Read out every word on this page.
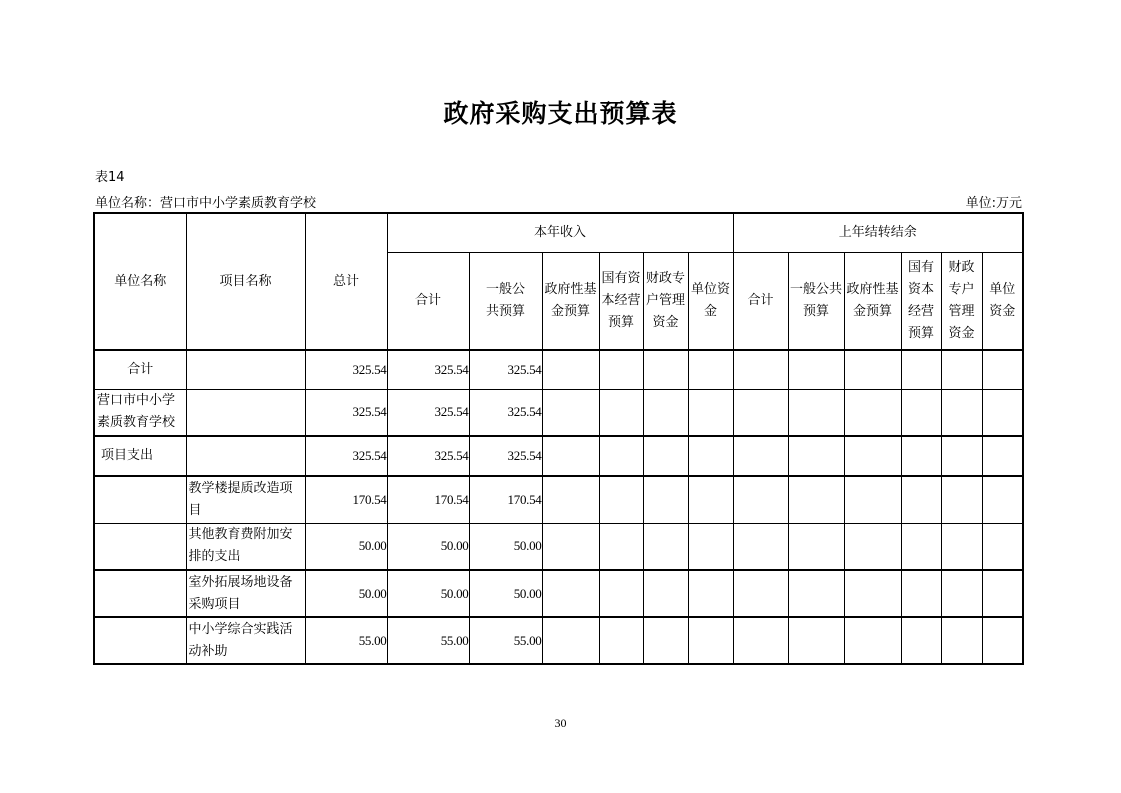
政府采购支出预算表
表14
单位名称：营口市中小学素质教育学校	单位:万元
单位名称	项目名称	总计	本年收入						上年结转结余					
			合计	一般公共预算	政府性基金预算	国有资本经营预算	财政专户管理资金	单位资金	合计	一般公共预算	政府性基金预算	国有资本经营预算	财政专户管理资金	单位资金
合计		325.54	325.54	325.54										
营口市中小学素质教育学校		325.54	325.54	325.54										
项目支出		325.54	325.54	325.54										
	教学楼提质改造项目	170.54	170.54	170.54										
	其他教育费附加安排的支出	50.00	50.00	50.00										
	室外拓展场地设备采购项目	50.00	50.00	50.00										
	中小学综合实践活动补助	55.00	55.00	55.00										
30
